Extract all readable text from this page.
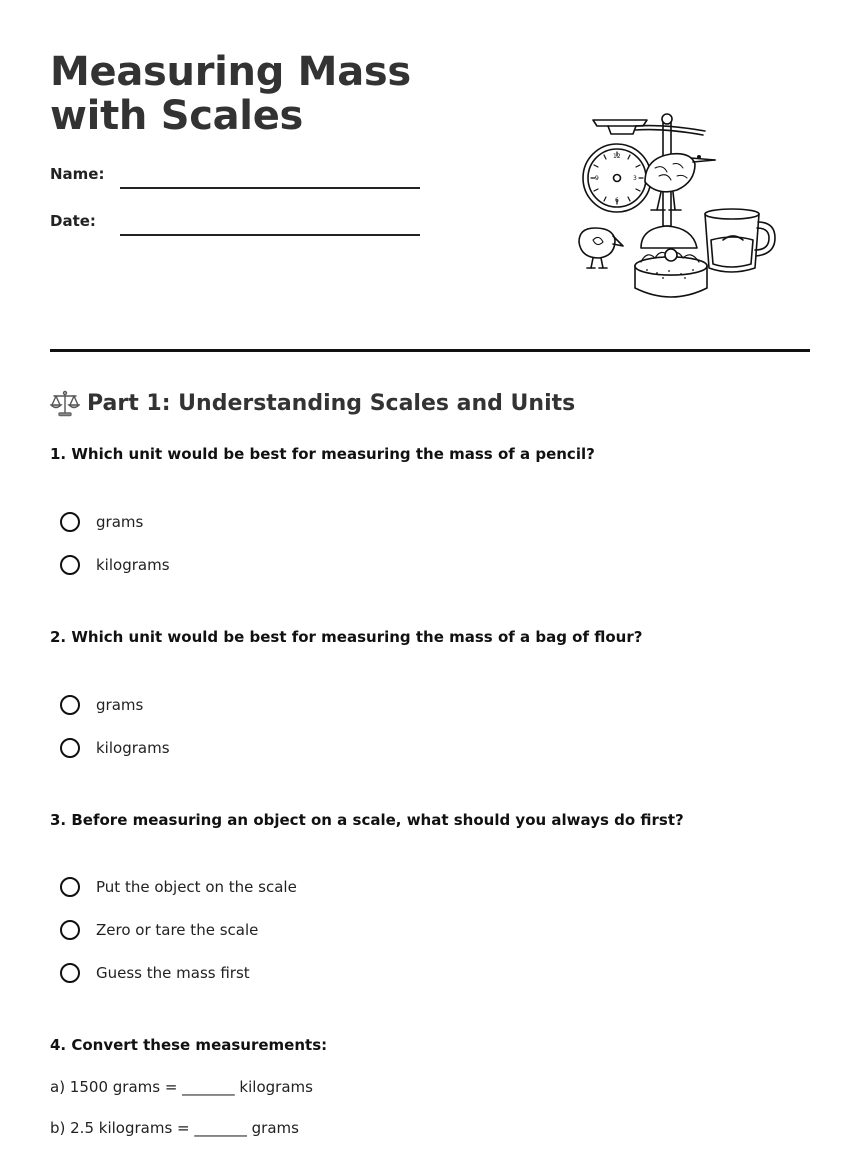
Measuring Mass with Scales
Name:
Date:
12
3
6
9
Part 1: Understanding Scales and Units
1. Which unit would be best for measuring the mass of a pencil?
grams
kilograms
2. Which unit would be best for measuring the mass of a bag of flour?
grams
kilograms
3. Before measuring an object on a scale, what should you always do first?
Put the object on the scale
Zero or tare the scale
Guess the mass first
4. Convert these measurements:
a) 1500 grams = _______ kilograms
b) 2.5 kilograms = _______ grams
